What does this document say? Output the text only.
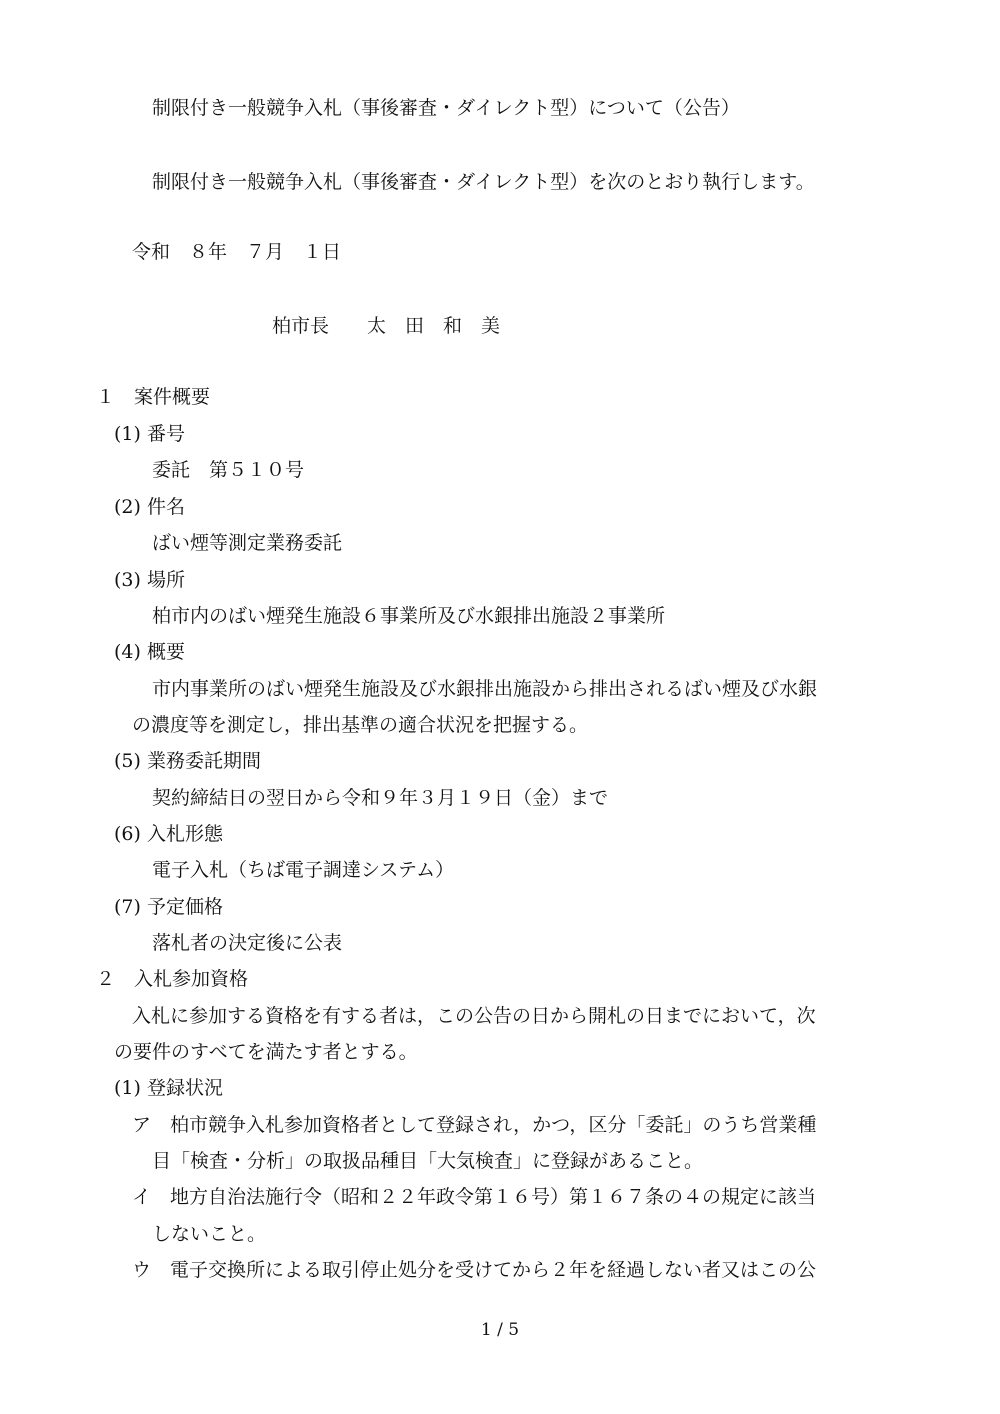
制限付き一般競争入札（事後審査・ダイレクト型）について（公告）
制限付き一般競争入札（事後審査・ダイレクト型）を次のとおり執行します。
令和　８年　７月　１日
柏市長　　太　田　和　美
１　案件概要
(1) 番号
委託　第５１０号
(2) 件名
ばい煙等測定業務委託
(3) 場所
柏市内のばい煙発生施設６事業所及び水銀排出施設２事業所
(4) 概要
市内事業所のばい煙発生施設及び水銀排出施設から排出されるばい煙及び水銀
の濃度等を測定し，排出基準の適合状況を把握する。
(5) 業務委託期間
契約締結日の翌日から令和９年３月１９日（金）まで
(6) 入札形態
電子入札（ちば電子調達システム）
(7) 予定価格
落札者の決定後に公表
２　入札参加資格
入札に参加する資格を有する者は，この公告の日から開札の日までにおいて，次
の要件のすべてを満たす者とする。
(1) 登録状況
ア　柏市競争入札参加資格者として登録され，かつ，区分「委託」のうち営業種
目「検査・分析」の取扱品種目「大気検査」に登録があること。
イ　地方自治法施行令（昭和２２年政令第１６号）第１６７条の４の規定に該当
しないこと。
ウ　電子交換所による取引停止処分を受けてから２年を経過しない者又はこの公
1 / 5
